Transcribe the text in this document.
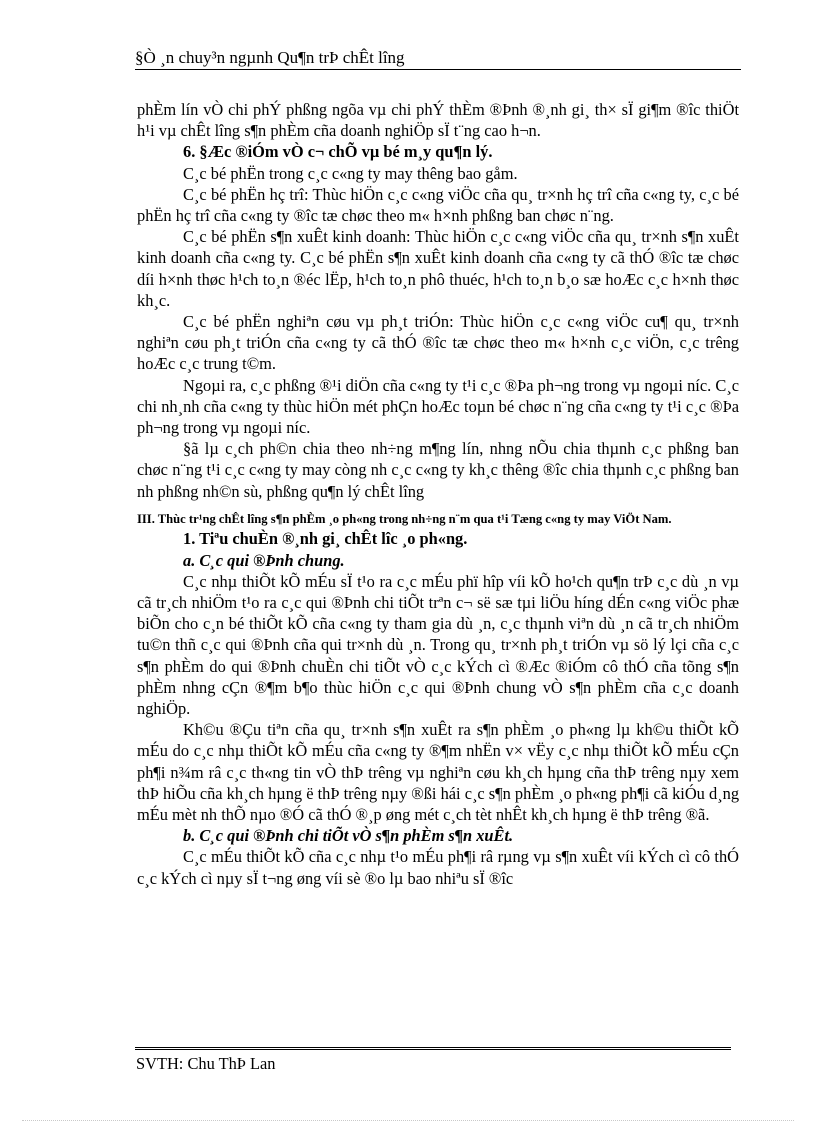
§Ò ¸n chuy³n ngµnh Qu¶n trÞ chÊt lîng

phÈm lín vÒ chi phÝ phßng ngõa vµ chi phÝ thÈm ®Þnh ®¸nh gi¸ th× sÏ gi¶m ®îc thiÖt h¹i vµ chÊt lîng s¶n phÈm cña doanh nghiÖp sÏ t¨ng cao h¬n.

6. §Æc ®iÓm vÒ c¬ chÕ vµ bé m¸y qu¶n lý.

C¸c bé phËn trong c¸c c«ng ty may thêng bao gåm.

C¸c bé phËn hç trî: Thùc hiÖn c¸c c«ng viÖc cña qu¸ tr×nh hç trî cña c«ng ty, c¸c bé phËn hç trî cña c«ng ty ®îc tæ chøc theo m« h×nh phßng ban chøc n¨ng.

C¸c bé phËn s¶n xuÊt kinh doanh: Thùc hiÖn c¸c c«ng viÖc cña qu¸ tr×nh s¶n xuÊt kinh doanh cña c«ng ty. C¸c bé phËn s¶n xuÊt kinh doanh cña c«ng ty cã thÓ ®îc tæ chøc díi h×nh thøc h¹ch to¸n ®éc lËp, h¹ch to¸n phô thuéc, h¹ch to¸n b¸o sæ hoÆc c¸c h×nh thøc kh¸c.

C¸c bé phËn nghiªn cøu vµ ph¸t triÓn: Thùc hiÖn c¸c c«ng viÖc cu¶ qu¸ tr×nh nghiªn cøu ph¸t triÓn cña c«ng ty cã thÓ ®îc tæ chøc theo m« h×nh c¸c viÖn, c¸c trêng hoÆc c¸c trung t©m.

Ngoµi ra, c¸c phßng ®¹i diÖn cña c«ng ty t¹i c¸c ®Þa ph¬ng trong vµ ngoµi níc. C¸c chi nh¸nh cña c«ng ty thùc hiÖn mét phÇn hoÆc toµn bé chøc n¨ng cña c«ng ty t¹i c¸c ®Þa ph¬ng trong vµ ngoµi níc.

§ã lµ c¸ch ph©n chia theo nh÷ng m¶ng lín, nhng nÕu chia thµnh c¸c phßng ban chøc n¨ng t¹i c¸c c«ng ty may còng nh c¸c c«ng ty kh¸c thêng ®îc chia thµnh c¸c phßng ban nh phßng nh©n sù, phßng qu¶n lý chÊt lîng

III. Thùc tr¹ng chÊt lîng s¶n phÈm ¸o ph«ng trong nh÷ng n¨m qua t¹i Tæng c«ng ty may ViÖt Nam.

1. Tiªu chuÈn ®¸nh gi¸ chÊt lîc ¸o ph«ng.

a. C¸c qui ®Þnh chung.

C¸c nhµ thiÕt kÕ mÉu sÏ t¹o ra c¸c mÉu phï hîp víi kÕ ho¹ch qu¶n trÞ c¸c dù ¸n vµ cã tr¸ch nhiÖm t¹o ra c¸c qui ®Þnh chi tiÕt trªn c¬ së sæ tµi liÖu híng dÉn c«ng viÖc phæ biÕn cho c¸n bé thiÕt kÕ cña c«ng ty tham gia dù ¸n, c¸c thµnh viªn dù ¸n cã tr¸ch nhiÖm tu©n thñ c¸c qui ®Þnh cña qui tr×nh dù ¸n. Trong qu¸ tr×nh ph¸t triÓn vµ sö lý lçi cña c¸c s¶n phÈm do qui ®Þnh chuÈn chi tiÕt vÒ c¸c kÝch cì ®Æc ®iÓm cô thÓ cña tõng s¶n phÈm nhng cÇn ®¶m b¶o thùc hiÖn c¸c qui ®Þnh chung vÒ s¶n phÈm cña c¸c doanh nghiÖp.

Kh©u ®Çu tiªn cña qu¸ tr×nh s¶n xuÊt ra s¶n phÈm ¸o ph«ng lµ kh©u thiÕt kÕ mÉu do c¸c nhµ thiÕt kÕ mÉu cña c«ng ty ®¶m nhËn v× vËy c¸c nhµ thiÕt kÕ mÉu cÇn ph¶i n¾m râ c¸c th«ng tin vÒ thÞ trêng vµ nghiªn cøu kh¸ch hµng cña thÞ trêng nµy xem thÞ hiÕu cña kh¸ch hµng ë thÞ trêng nµy ®ßi hái c¸c s¶n phÈm ¸o ph«ng ph¶i cã kiÓu d¸ng mÉu mèt nh thÕ nµo ®Ó cã thÓ ®¸p øng mét c¸ch tèt nhÊt kh¸ch hµng ë thÞ trêng ®ã.

b. C¸c qui ®Þnh chi tiÕt vÒ s¶n phÈm s¶n xuÊt.

C¸c mÉu thiÕt kÕ cña c¸c nhµ t¹o mÉu ph¶i râ rµng vµ s¶n xuÊt víi kÝch cì cô thÓ c¸c kÝch cì nµy sÏ t¬ng øng víi sè ®o lµ bao nhiªu sÏ ®îc

SVTH: Chu ThÞ Lan
